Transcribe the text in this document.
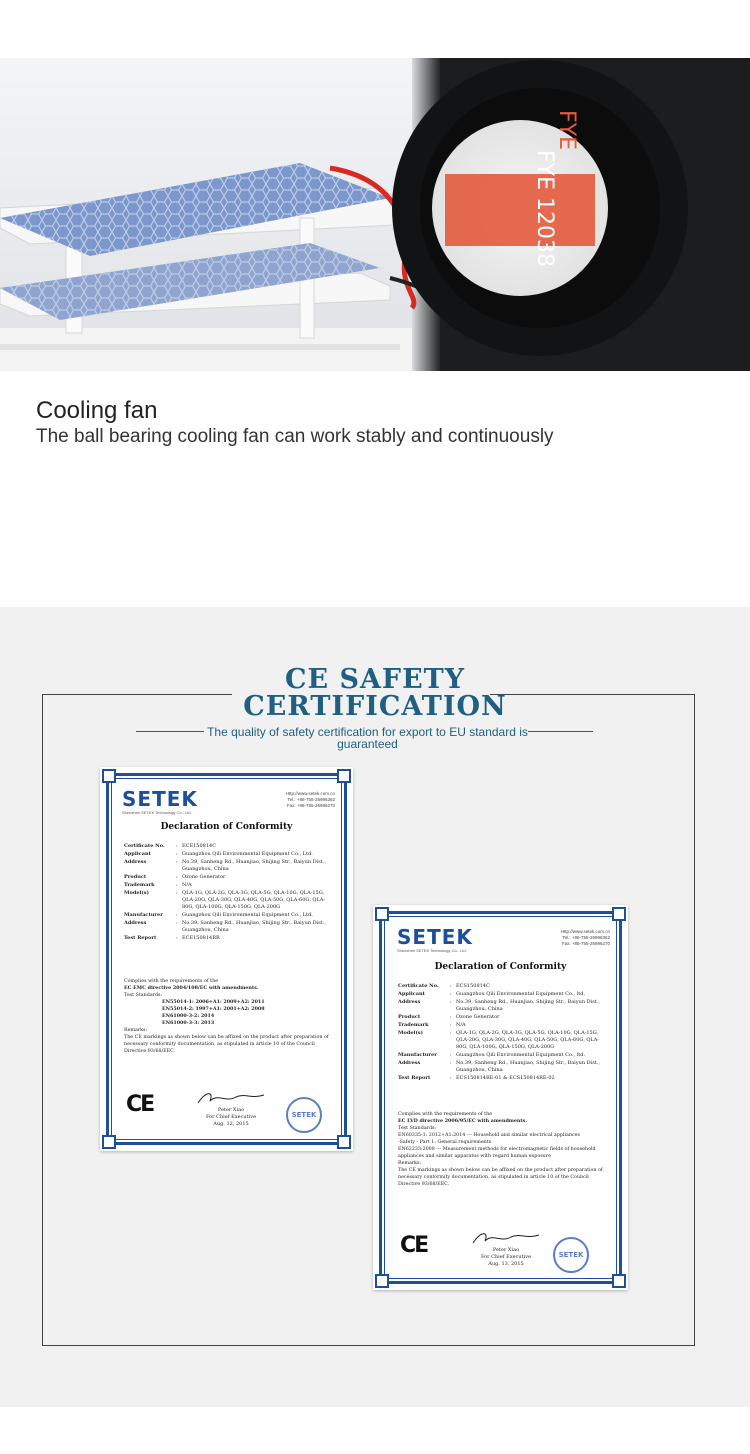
FYE
FYE 12038
Cooling fan
The ball bearing cooling fan can work stably and continuously
CE SAFETY
CERTIFICATION
The quality of safety certification for export to EU standard is
guaranteed
SETEK
Shenzhen SETEK Technology Co., Ltd.
Http://www.setek.com.cn
Tel.: +86-755-26996362
Fax: +86-755-26996270
Declaration of Conformity
Certificate No.	: ECE150814C
Applicant	: Guangzhou Qili Environmental Equipment Co., Ltd.
Address	: No.39, Sanheng Rd., Huanjiao, Shijing Str., Baiyun Dist., Guangzhou, China
Product	: Ozone Generator
Trademark	: N/A
Model(s)	: QLA-1G, QLA-2G, QLA-3G, QLA-5G, QLA-10G, QLA-15G, QLA-20G, QLA-30G, QLA-40G, QLA-50G, QLA-60G, QLA-80G, QLA-100G, QLA-150G, QLA-200G
Manufacturer	: Guangzhou Qili Environmental Equipment Co., Ltd.
Address	: No.39, Sanheng Rd., Huanjiao, Shijing Str., Baiyun Dist., Guangzhou, China
Test Report	: ECE150814RR
Complies with the requirements of the
EC EMC directive 2004/108/EC with amendments.
Test Standards:
EN55014-1: 2006+A1: 2009+A2: 2011
EN55014-2: 1997+A1: 2001+A2: 2008
EN61000-3-2: 2014
EN61000-3-3: 2013
Remarks:
The CE markings as shown below can be affixed on the product after preparation of necessary conformity documentation, as stipulated in article 10 of the Council Directive 93/68/EEC.
CE	Peter Xiao
For Chief Executive
Aug. 12, 2015
SETEK
SETEK
Shenzhen SETEK Technology Co., Ltd.
Http://www.setek.com.cn
Tel.: +86-755-26996362
Fax: +86-755-26996270
Declaration of Conformity
Certificate No.	: ECS150814C
Applicant	: Guangzhou Qili Environmental Equipment Co., ltd.
Address	: No.39, Sanheng Rd., Huanjiao, Shijing Str., Baiyun Dist., Guangzhou, China
Product	: Ozone Generator
Trademark	: N/A
Model(s)	: QLA-1G, QLA-2G, QLA-3G, QLA-5G, QLA-10G, QLA-15G, QLA-20G, QLA-30G, QLA-40G, QLA-50G, QLA-60G, QLA-80G, QLA-100G, QLA-150G, QLA-200G
Manufacturer	: Guangzhou Qili Environmental Equipment Co., ltd.
Address	: No.39, Sanheng Rd., Huanjiao, Shijing Str., Baiyun Dist., Guangzhou, China
Test Report	: ECS150814RE-01 & ECS150814RE-02
Complies with the requirements of the
EC LVD directive 2006/95/EC with amendments.
Test Standards:
EN60335-1: 2012+A1:2014 --- Household and similar electrical appliances
-Safety - Part 1: General requirements
EN62233:2008 --- Measurement methods for electromagnetic fields of household appliances and similar apparatus with regard human exposure
Remarks:
The CE markings as shown below can be affixed on the product after preparation of necessary conformity documentation, as stipulated in article 10 of the Council Directive 93/68/EEC.
CE	Peter Xiao
For Chief Executive
Aug. 13, 2015
SETEK
